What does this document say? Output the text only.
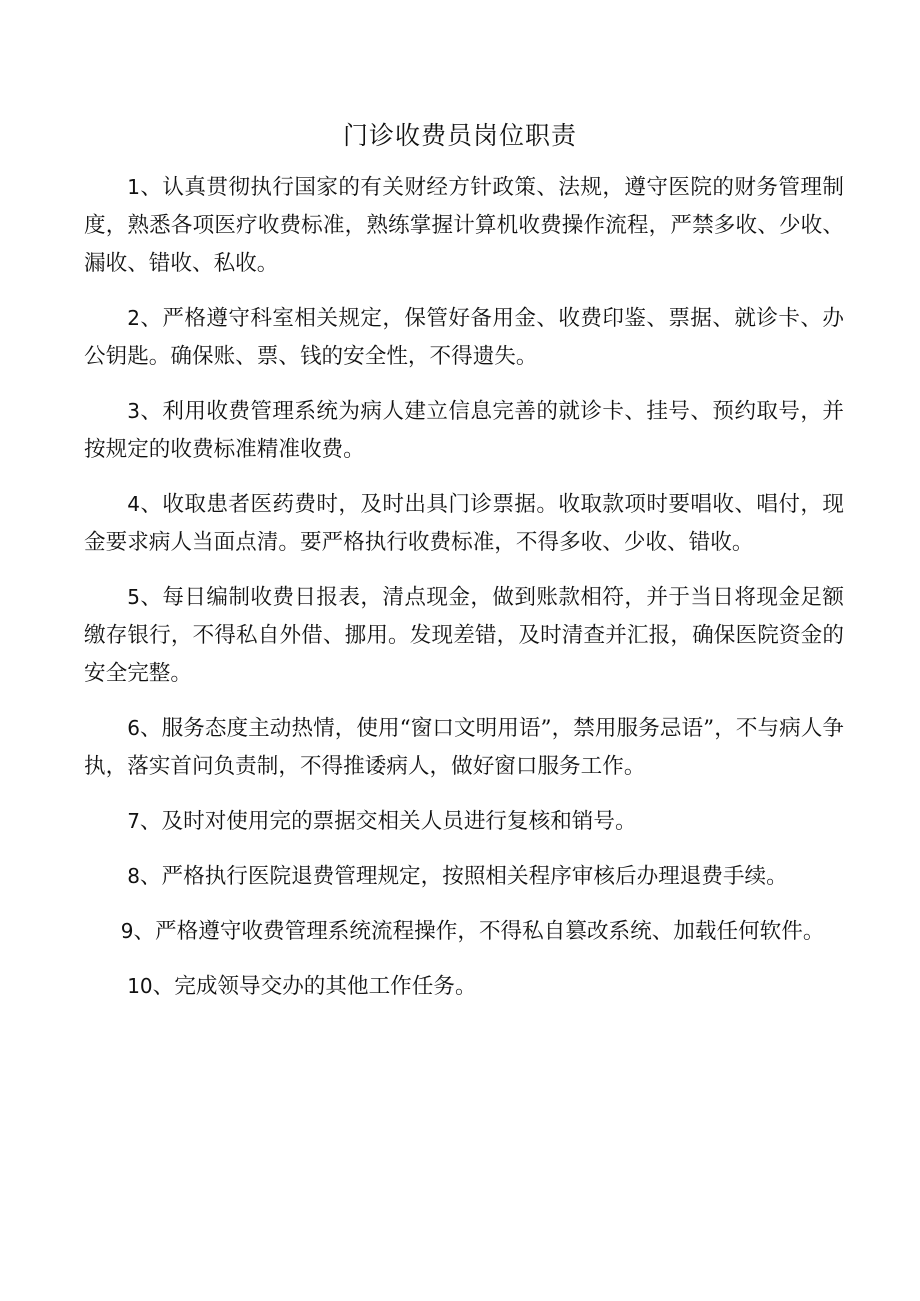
门诊收费员岗位职责

1、认真贯彻执行国家的有关财经方针政策、法规，遵守医院的财务管理制度，熟悉各项医疗收费标准，熟练掌握计算机收费操作流程，严禁多收、少收、漏收、错收、私收。

2、严格遵守科室相关规定，保管好备用金、收费印鉴、票据、就诊卡、办公钥匙。确保账、票、钱的安全性，不得遗失。

3、利用收费管理系统为病人建立信息完善的就诊卡、挂号、预约取号，并按规定的收费标准精准收费。

4、收取患者医药费时，及时出具门诊票据。收取款项时要唱收、唱付，现金要求病人当面点清。要严格执行收费标准，不得多收、少收、错收。

5、每日编制收费日报表，清点现金，做到账款相符，并于当日将现金足额缴存银行，不得私自外借、挪用。发现差错，及时清查并汇报，确保医院资金的安全完整。

6、服务态度主动热情，使用“窗口文明用语”，禁用服务忌语”，不与病人争执，落实首问负责制，不得推诿病人，做好窗口服务工作。

7、及时对使用完的票据交相关人员进行复核和销号。

8、严格执行医院退费管理规定，按照相关程序审核后办理退费手续。

9、严格遵守收费管理系统流程操作，不得私自篡改系统、加载任何软件。

10、完成领导交办的其他工作任务。
